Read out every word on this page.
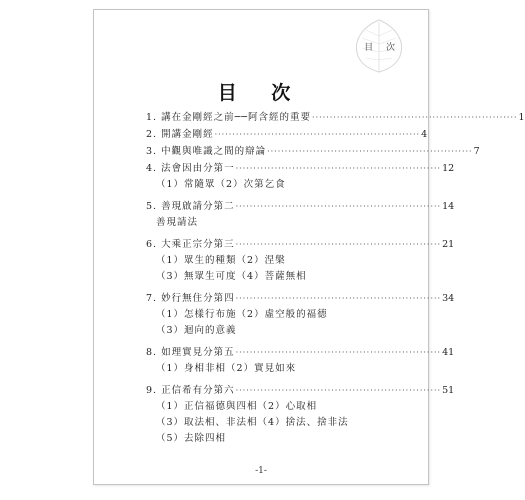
目 次
目 次
1. 講在金剛經之前──阿含經的重要 ·························································· 1
2. 開講金剛經 ·························································· 4
3. 中觀與唯識之間的辯論 ·························································· 7
4. 法會因由分第一 ·························································· 12
（1）常隨眾（2）次第乞食
5. 善現啟請分第二 ·························································· 14
善現請法
6. 大乘正宗分第三 ·························································· 21
（1）眾生的種類（2）涅槃
（3）無眾生可度（4）菩薩無相
7. 妙行無住分第四 ·························································· 34
（1）怎樣行布施（2）虛空般的福德
（3）迴向的意義
8. 如理實見分第五 ·························································· 41
（1）身相非相（2）實見如來
9. 正信希有分第六 ·························································· 51
（1）正信福德與四相（2）心取相
（3）取法相、非法相（4）捨法、捨非法
（5）去除四相
-1-
